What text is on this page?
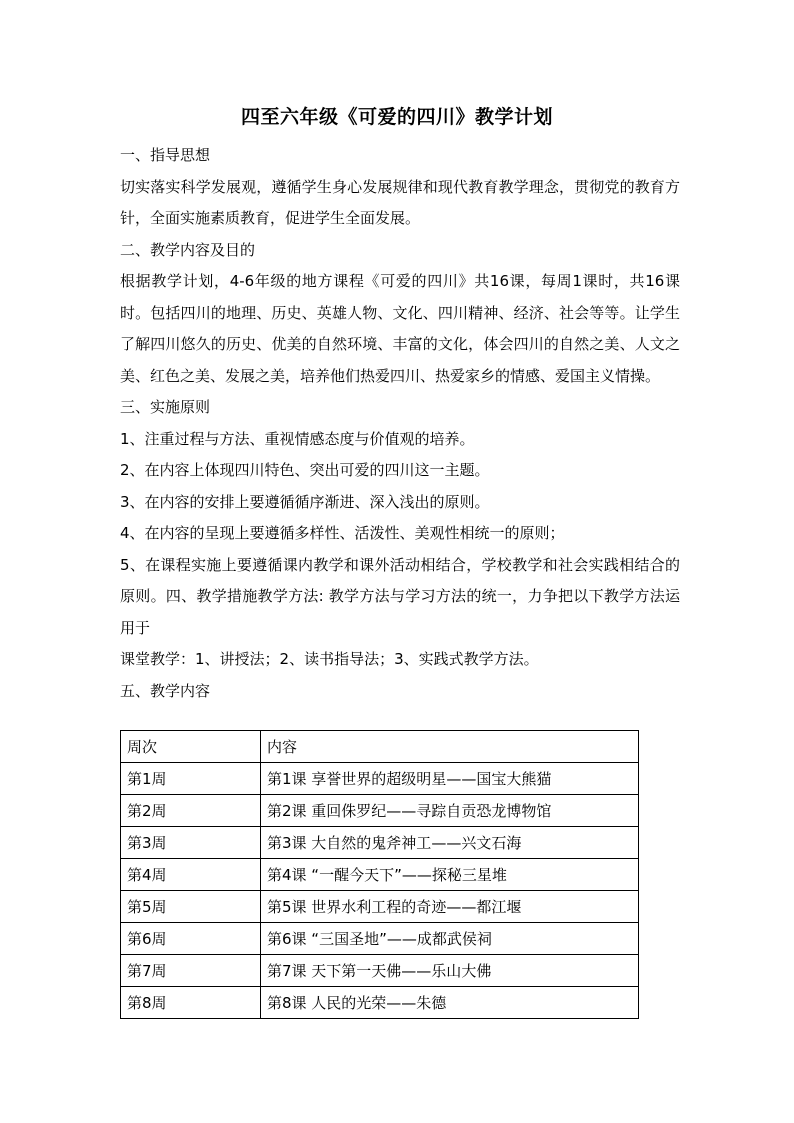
四至六年级《可爱的四川》教学计划

一、指导思想

切实落实科学发展观，遵循学生身心发展规律和现代教育教学理念，贯彻党的教育方针，全面实施素质教育，促进学生全面发展。

二、教学内容及目的

根据教学计划，4-6年级的地方课程《可爱的四川》共16课，每周1课时，共16课时。包括四川的地理、历史、英雄人物、文化、四川精神、经济、社会等等。让学生了解四川悠久的历史、优美的自然环境、丰富的文化，体会四川的自然之美、人文之美、红色之美、发展之美，培养他们热爱四川、热爱家乡的情感、爱国主义情操。

三、实施原则

1、注重过程与方法、重视情感态度与价值观的培养。

2、在内容上体现四川特色、突出可爱的四川这一主题。

3、在内容的安排上要遵循循序渐进、深入浅出的原则。

4、在内容的呈现上要遵循多样性、活泼性、美观性相统一的原则；

5、在课程实施上要遵循课内教学和课外活动相结合，学校教学和社会实践相结合的原则。四、教学措施教学方法: 教学方法与学习方法的统一，力争把以下教学方法运用于

课堂教学：1、讲授法；2、读书指导法；3、实践式教学方法。

五、教学内容

周次	内容
第1周	第1课 享誉世界的超级明星——国宝大熊猫
第2周	第2课 重回侏罗纪——寻踪自贡恐龙博物馆
第3周	第3课 大自然的鬼斧神工——兴文石海
第4周	第4课 “一醒今天下”——探秘三星堆
第5周	第5课 世界水利工程的奇迹——都江堰
第6周	第6课 “三国圣地”——成都武侯祠
第7周	第7课 天下第一天佛——乐山大佛
第8周	第8课 人民的光荣——朱德
